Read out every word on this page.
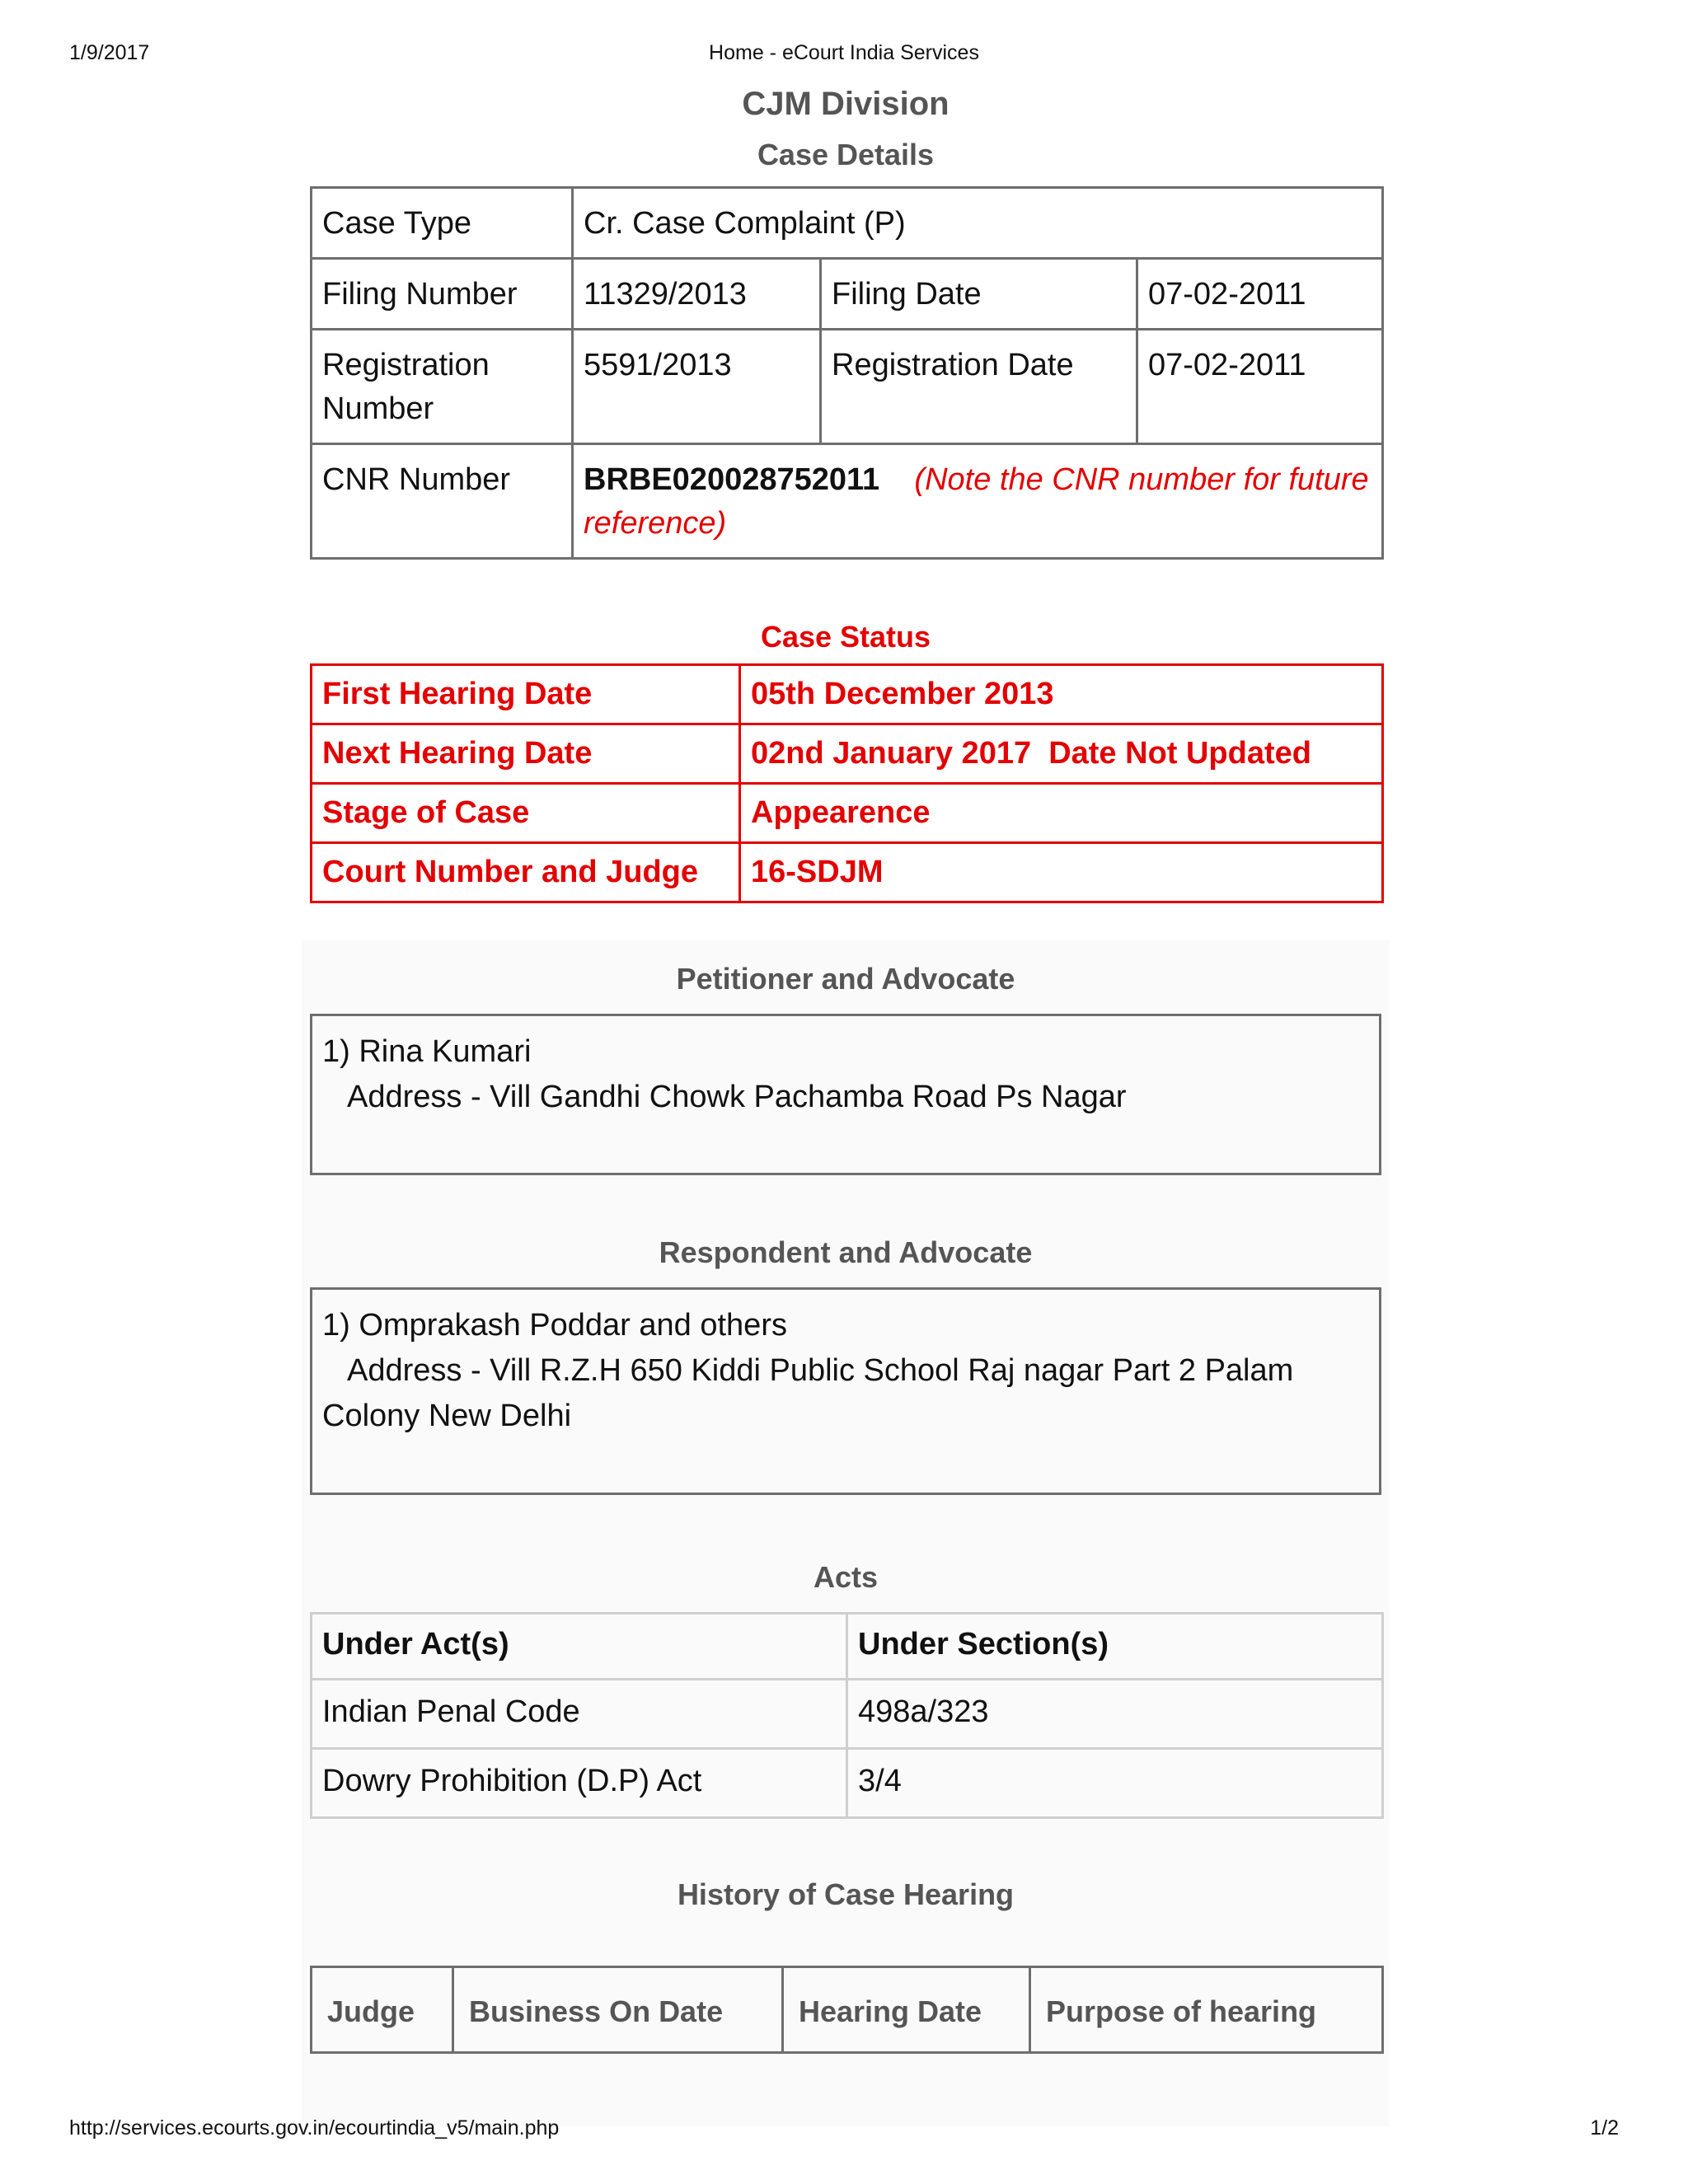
1/9/2017	Home - eCourt India Services
CJM Division
Case Details
Case Type	Cr. Case Complaint (P)		
Filing Number	11329/2013	Filing Date	07-02-2011
Registration Number	5591/2013	Registration Date	07-02-2011
CNR Number	BRBE020028752011 (Note the CNR number for future reference)		
Case Status
First Hearing Date	05th December 2013
Next Hearing Date	02nd January 2017  Date Not Updated
Stage of Case	Appearence
Court Number and Judge	16-SDJM
Petitioner and Advocate
1) Rina Kumari
Address - Vill Gandhi Chowk Pachamba Road Ps Nagar
Respondent and Advocate
1) Omprakash Poddar and others
Address - Vill R.Z.H 650 Kiddi Public School Raj nagar Part 2 Palam
Colony New Delhi
Acts
Under Act(s)	Under Section(s)
Indian Penal Code	498a/323
Dowry Prohibition (D.P) Act	3/4
History of Case Hearing
Judge	Business On Date	Hearing Date	Purpose of hearing
http://services.ecourts.gov.in/ecourtindia_v5/main.php	1/2
